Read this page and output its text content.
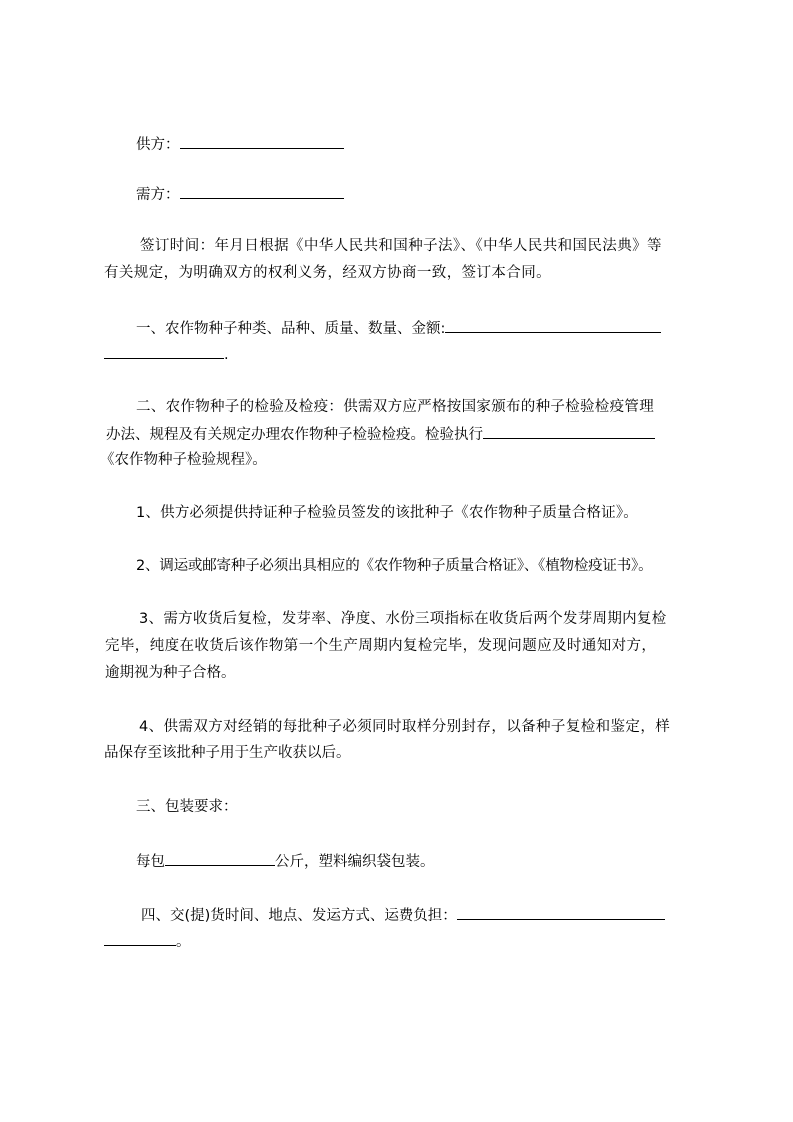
供方：
需方：
签订时间：年月日根据《中华人民共和国种子法》、《中华人民共和国民法典》等
有关规定，为明确双方的权利义务，经双方协商一致，签订本合同。
一、农作物种子种类、品种、质量、数量、金额:
.
二、农作物种子的检验及检疫：供需双方应严格按国家颁布的种子检验检疫管理
办法、规程及有关规定办理农作物种子检验检疫。检验执行
《农作物种子检验规程》。
1、供方必须提供持证种子检验员签发的该批种子《农作物种子质量合格证》。
2、调运或邮寄种子必须出具相应的《农作物种子质量合格证》、《植物检疫证书》。
3、需方收货后复检，发芽率、净度、水份三项指标在收货后两个发芽周期内复检
完毕，纯度在收货后该作物第一个生产周期内复检完毕，发现问题应及时通知对方，
逾期视为种子合格。
4、供需双方对经销的每批种子必须同时取样分别封存，以备种子复检和鉴定，样
品保存至该批种子用于生产收获以后。
三、包装要求：
每包	公斤，塑料编织袋包装。
四、交(提)货时间、地点、发运方式、运费负担：
。
